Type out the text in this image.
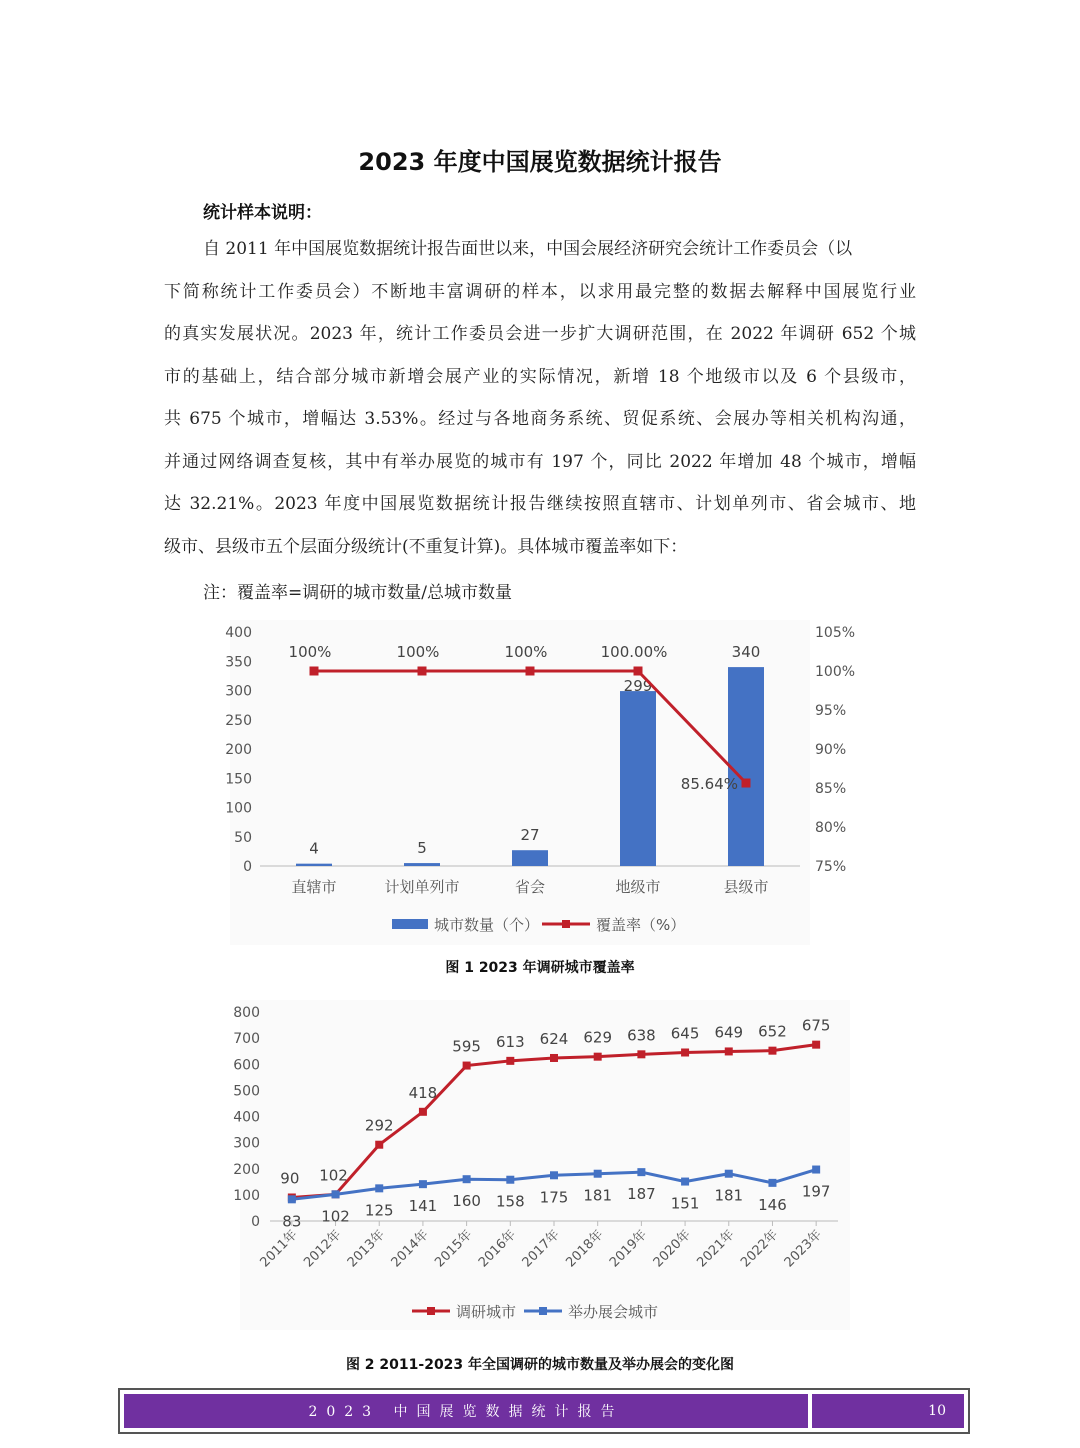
2023 年度中国展览数据统计报告
统计样本说明：
自 2011 年中国展览数据统计报告面世以来，中国会展经济研究会统计工作委员会（以
下简称统计工作委员会）不断地丰富调研的样本，以求用最完整的数据去解释中国展览行业
的真实发展状况。2023 年，统计工作委员会进一步扩大调研范围，在 2022 年调研 652 个城
市的基础上，结合部分城市新增会展产业的实际情况，新增 18 个地级市以及 6 个县级市，
共 675 个城市，增幅达 3.53%。经过与各地商务系统、贸促系统、会展办等相关机构沟通，
并通过网络调查复核，其中有举办展览的城市有 197 个，同比 2022 年增加 48 个城市，增幅
达 32.21%。2023 年度中国展览数据统计报告继续按照直辖市、计划单列市、省会城市、地
级市、县级市五个层面分级统计(不重复计算)。具体城市覆盖率如下：
注：覆盖率=调研的城市数量/总城市数量
0
50
100
150
200
250
300
350
400
75%
80%
85%
90%
95%
100%
105%
4	5
27
299
340
100%	100%	100%	100.00%
85.64%
直辖市	计划单列市	省会	地级市	县级市
城市数量（个）	覆盖率（%）
图 1 2023 年调研城市覆盖率
0
100
200
300
400
500
600
700
800
2011年 2012年 2013年 2014年 2015年 2016年 2017年 2018年 2019年 2020年 2021年 2022年 2023年
90 102
292
418
595 613 624 629 638 645 649 652 675
83 102 125 141 160 158 175 181 187
151 181
146
197
调研城市	举办展会城市
图 2 2011-2023 年全国调研的城市数量及举办展会的变化图
2023 中国展览数据统计报告	10
